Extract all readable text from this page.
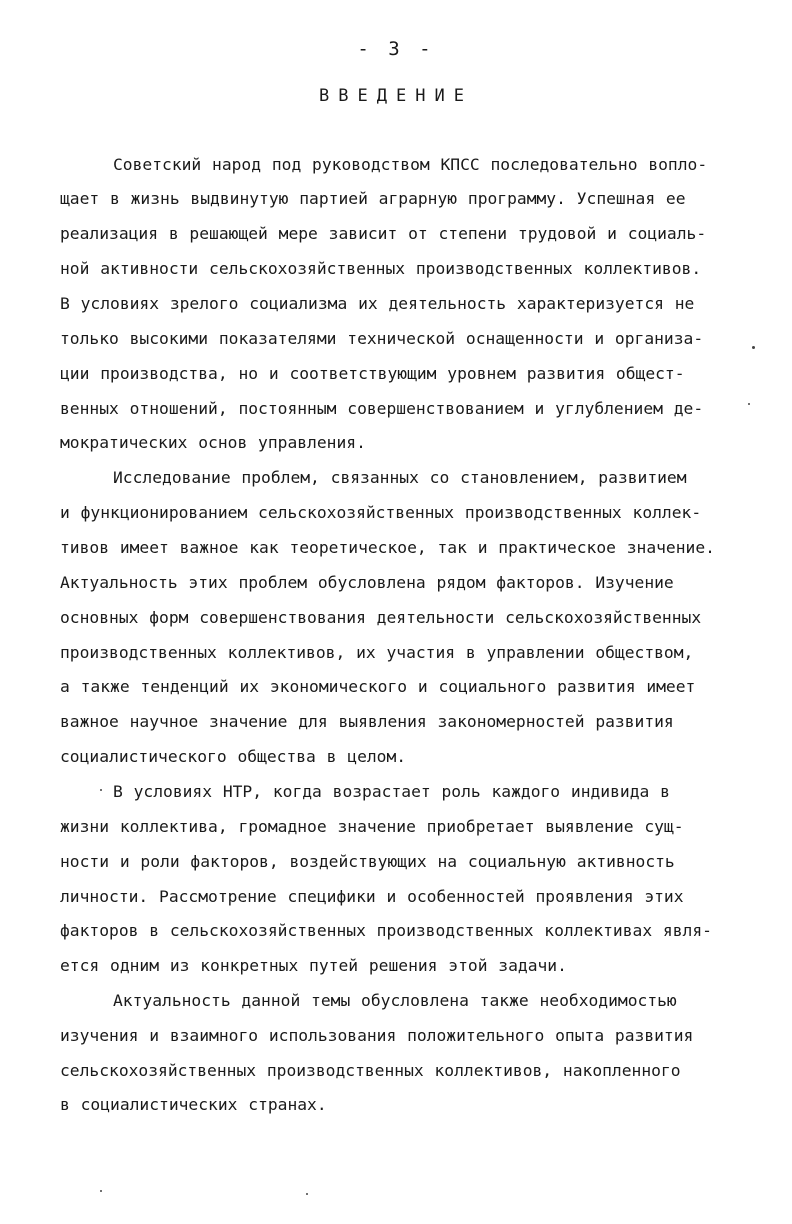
- 3 -
ВВЕДЕНИЕ
Советский народ под руководством КПСС последовательно вопло-
щает в жизнь выдвинутую партией аграрную программу. Успешная ее
реализация в решающей мере зависит от степени трудовой и социаль-
ной активности сельскохозяйственных производственных коллективов.
В условиях зрелого социализма их деятельность характеризуется не
только высокими показателями технической оснащенности и организа-
ции производства, но и соответствующим уровнем развития общест-
венных отношений, постоянным совершенствованием и углублением де-
мократических основ управления.
Исследование проблем, связанных со становлением, развитием
и функционированием сельскохозяйственных производственных коллек-
тивов имеет важное как теоретическое, так и практическое значение.
Актуальность этих проблем обусловлена рядом факторов. Изучение
основных форм совершенствования деятельности сельскохозяйственных
производственных коллективов, их участия в управлении обществом,
а также тенденций их экономического и социального развития имеет
важное научное значение для выявления закономерностей развития
социалистического общества в целом.
В условиях НТР, когда возрастает роль каждого индивида в
жизни коллектива, громадное значение приобретает выявление сущ-
ности и роли факторов, воздействующих на социальную активность
личности. Рассмотрение специфики и особенностей проявления этих
факторов в сельскохозяйственных производственных коллективах явля-
ется одним из конкретных путей решения этой задачи.
Актуальность данной темы обусловлена также необходимостью
изучения и взаимного использования положительного опыта развития
сельскохозяйственных производственных коллективов, накопленного
в социалистических странах.
